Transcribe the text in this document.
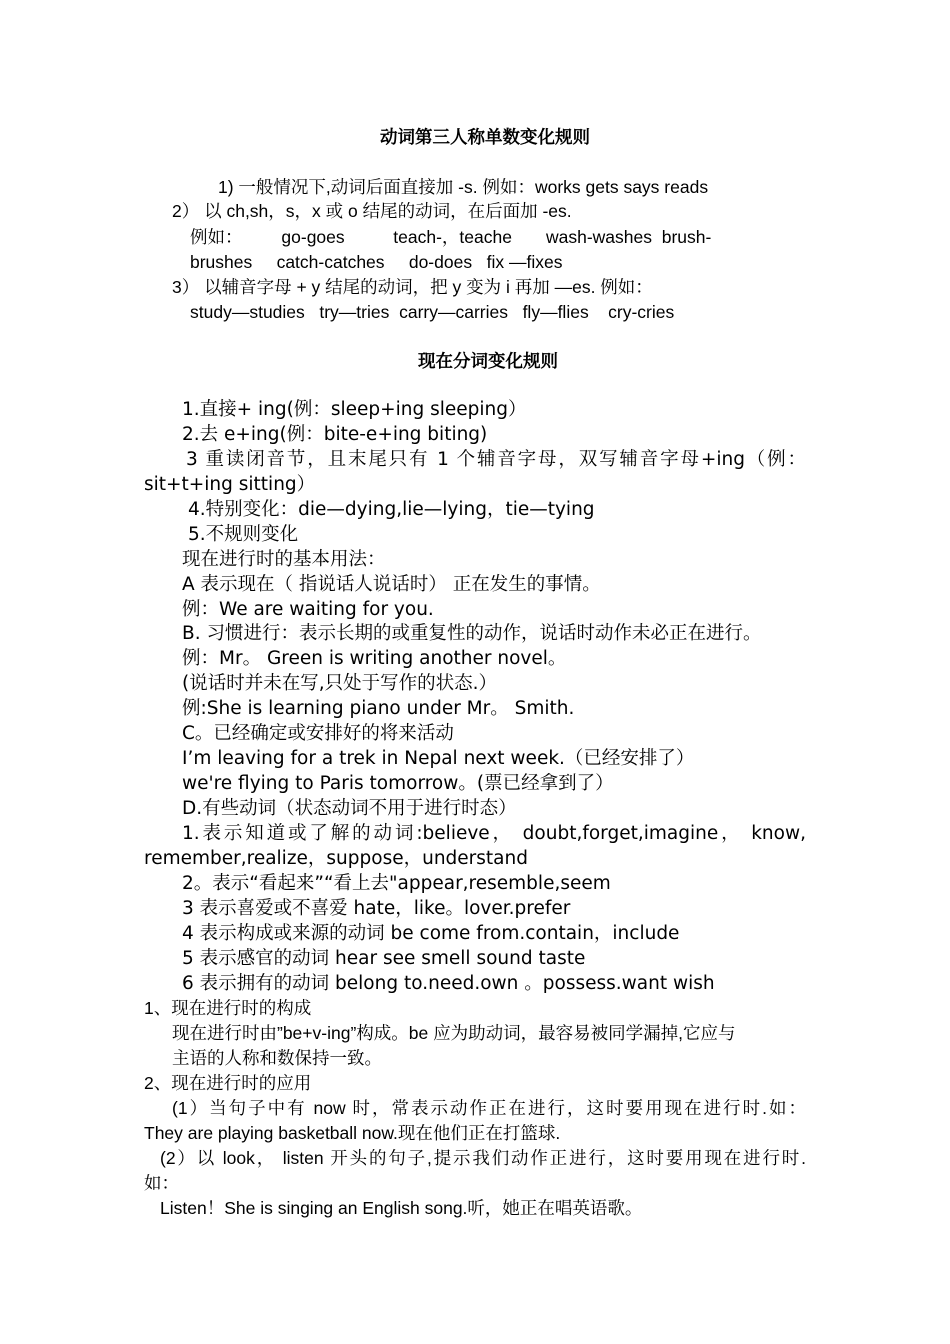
动词第三人称单数变化规则
1) 一般情况下,动词后面直接加 -s. 例如：works gets says reads
2） 以 ch,sh，s，x 或 o 结尾的动词，在后面加 -es.
例如：        go-goes          teach-，teache       wash-washes  brush-
brushes     catch-catches     do-does   fix —fixes
3） 以辅音字母 + y 结尾的动词，把 y 变为 i 再加 —es. 例如：
study—studies   try—tries  carry—carries   fly—flies    cry-cries
现在分词变化规则
1.直接+ ing(例：sleep+ing sleeping）
2.去 e+ing(例：bite-e+ing biting)
3 重读闭音节，且末尾只有 1 个辅音字母，双写辅音字母+ing（例：
sit+t+ing sitting）
4.特别变化：die—dying,lie—lying，tie—tying
5.不规则变化
现在进行时的基本用法：
A 表示现在（ 指说话人说话时） 正在发生的事情。
例：We are waiting for you.
B. 习惯进行：表示长期的或重复性的动作，说话时动作未必正在进行。
例：Mr。 Green is writing another novel。
(说话时并未在写,只处于写作的状态.）
例:She is learning piano under Mr。 Smith.
C。已经确定或安排好的将来活动
I’m leaving for a trek in Nepal next week.（已经安排了）
we're flying to Paris tomorrow。(票已经拿到了）
D.有些动词（状态动词不用于进行时态）
1.表示知道或了解的动词:believe， doubt,forget,imagine， know,
remember,realize，suppose，understand
2。表示“看起来”“看上去"appear,resemble,seem
3 表示喜爱或不喜爱 hate，like。lover.prefer
4 表示构成或来源的动词 be come from.contain，include
5 表示感官的动词 hear see smell sound taste
6 表示拥有的动词 belong to.need.own 。possess.want wish
1、现在进行时的构成
现在进行时由”be+v-ing”构成。be 应为助动词，最容易被同学漏掉,它应与
主语的人称和数保持一致。
2、现在进行时的应用
(1）当句子中有 now 时，常表示动作正在进行，这时要用现在进行时.如：
They are playing basketball now.现在他们正在打篮球.
(2）以 look， listen 开头的句子,提示我们动作正进行，这时要用现在进行时.
如：
Listen！She is singing an English song.听，她正在唱英语歌。
